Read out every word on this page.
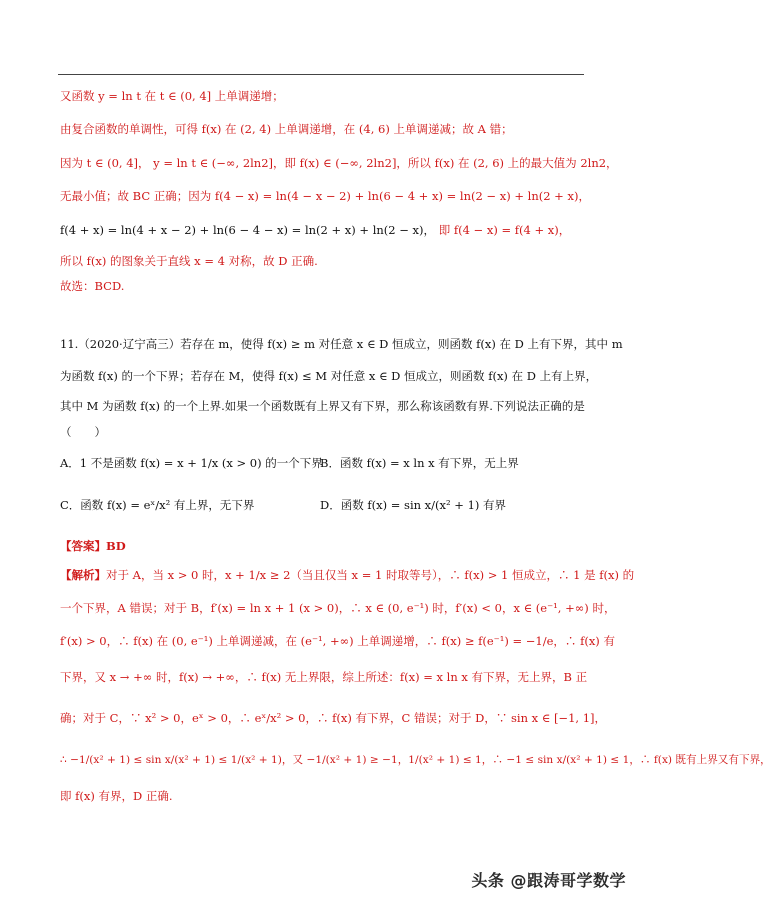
又函数 y = ln t 在 t ∈ (0, 4] 上单调递增；
由复合函数的单调性，可得 f(x) 在 (2, 4) 上单调递增，在 (4, 6) 上单调递减；故 A 错；
因为 t ∈ (0, 4]， y = ln t ∈ (−∞, 2ln2]，即 f(x) ∈ (−∞, 2ln2]，所以 f(x) 在 (2, 6) 上的最大值为 2ln2，
无最小值；故 BC 正确；因为 f(4 − x) = ln(4 − x − 2) + ln(6 − 4 + x) = ln(2 − x) + ln(2 + x)，
f(4 + x) = ln(4 + x − 2) + ln(6 − 4 − x) = ln(2 + x) + ln(2 − x)， 即 f(4 − x) = f(4 + x)，
所以 f(x) 的图象关于直线 x = 4 对称，故 D 正确.
故选：BCD.
11.（2020·辽宁高三）若存在 m，使得 f(x) ≥ m 对任意 x ∈ D 恒成立，则函数 f(x) 在 D 上有下界，其中 m
为函数 f(x) 的一个下界；若存在 M，使得 f(x) ≤ M 对任意 x ∈ D 恒成立，则函数 f(x) 在 D 上有上界，
其中 M 为函数 f(x) 的一个上界.如果一个函数既有上界又有下界，那么称该函数有界.下列说法正确的是
（　　）
A．1 不是函数 f(x) = x + 1/x (x > 0) 的一个下界
B．函数 f(x) = x ln x 有下界，无上界
C．函数 f(x) = eˣ/x² 有上界，无下界	D．函数 f(x) = sin x/(x² + 1) 有界
【答案】BD
【解析】对于 A，当 x > 0 时，x + 1/x ≥ 2（当且仅当 x = 1 时取等号），∴ f(x) > 1 恒成立，∴ 1 是 f(x) 的
一个下界，A 错误；对于 B，f′(x) = ln x + 1 (x > 0)，∴ x ∈ (0, e⁻¹) 时，f′(x) < 0，x ∈ (e⁻¹, +∞) 时，
f′(x) > 0，∴ f(x) 在 (0, e⁻¹) 上单调递减，在 (e⁻¹, +∞) 上单调递增，∴ f(x) ≥ f(e⁻¹) = −1/e，∴ f(x) 有
下界，又 x → +∞ 时，f(x) → +∞，∴ f(x) 无上界限，综上所述：f(x) = x ln x 有下界，无上界，B 正
确；对于 C，∵ x² > 0，eˣ > 0，∴ eˣ/x² > 0，∴ f(x) 有下界，C 错误；对于 D，∵ sin x ∈ [−1, 1]，
∴ −1/(x² + 1) ≤ sin x/(x² + 1) ≤ 1/(x² + 1)，又 −1/(x² + 1) ≥ −1，1/(x² + 1) ≤ 1，∴ −1 ≤ sin x/(x² + 1) ≤ 1，∴ f(x) 既有上界又有下界，
即 f(x) 有界，D 正确.
头条 @跟涛哥学数学
